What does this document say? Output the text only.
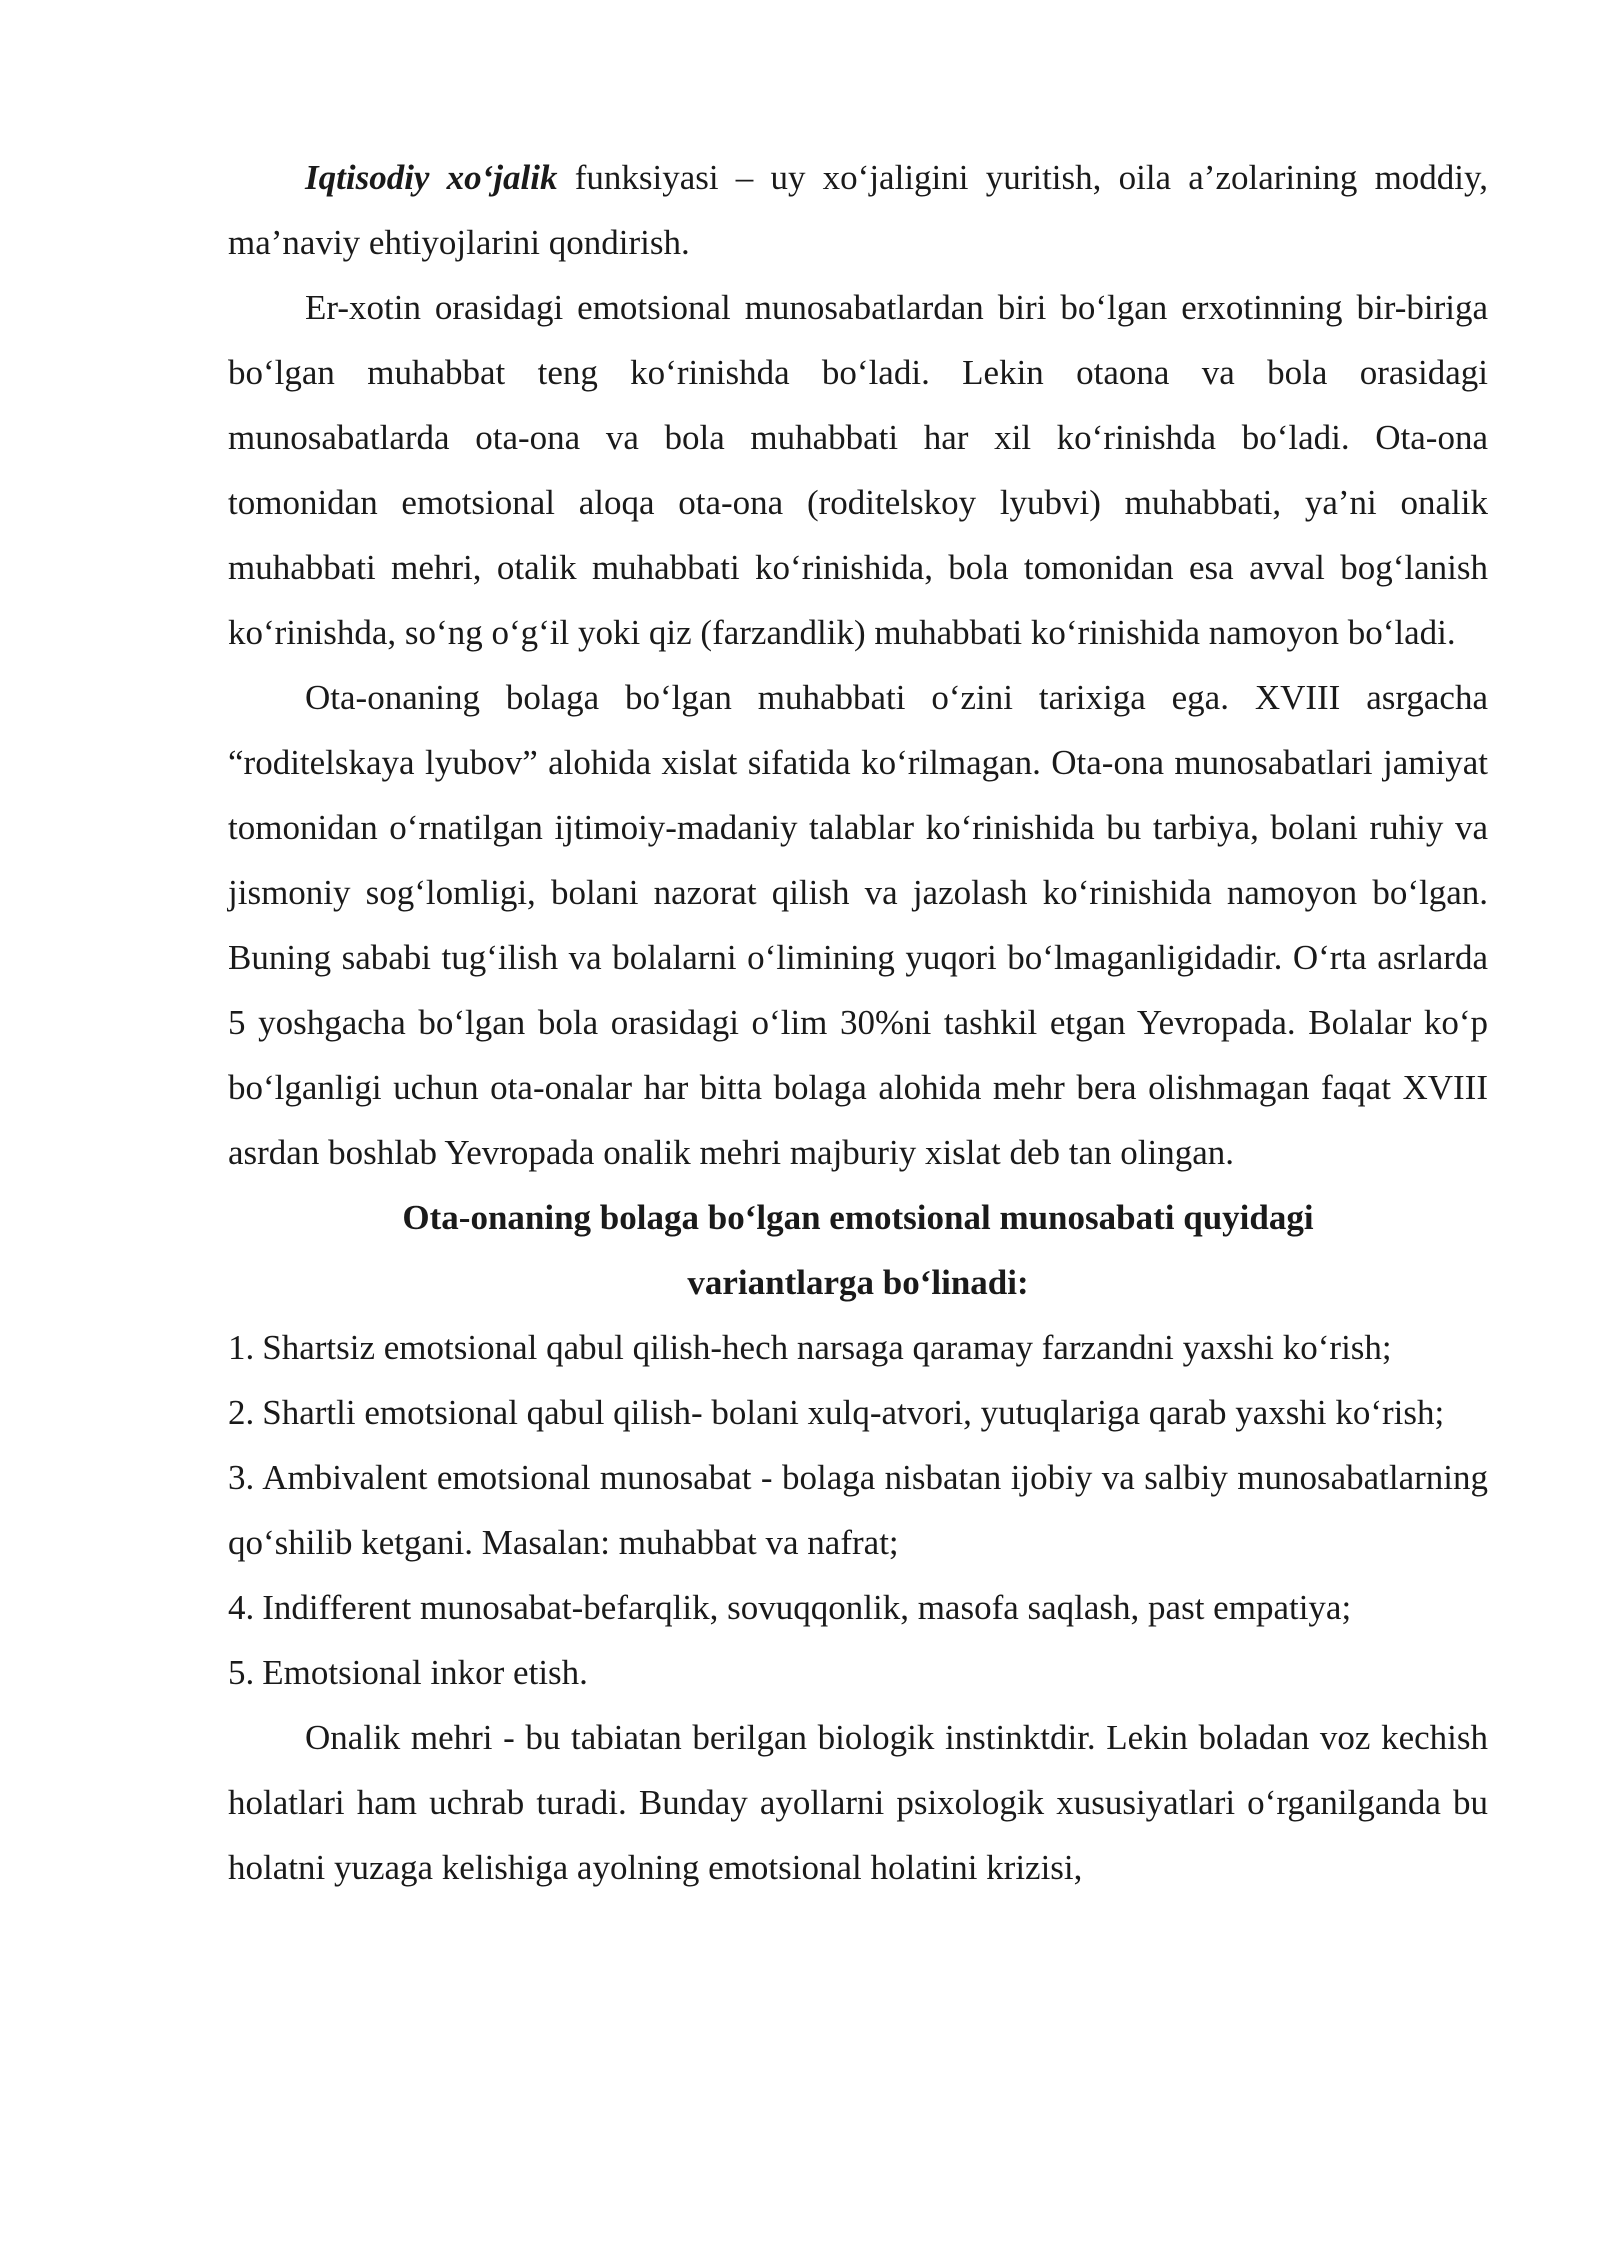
Iqtisodiy xo‘jalik funksiyasi – uy xo‘jaligini yuritish, oila a’zolarining moddiy, ma’naviy ehtiyojlarini qondirish.

Er-xotin orasidagi emotsional munosabatlardan biri bo‘lgan erxotinning bir-biriga bo‘lgan muhabbat teng ko‘rinishda bo‘ladi. Lekin otaona va bola orasidagi munosabatlarda ota-ona va bola muhabbati har xil ko‘rinishda bo‘ladi. Ota-ona tomonidan emotsional aloqa ota-ona (roditelskoy lyubvi) muhabbati, ya’ni onalik muhabbati mehri, otalik muhabbati ko‘rinishida, bola tomonidan esa avval bog‘lanish ko‘rinishda, so‘ng o‘g‘il yoki qiz (farzandlik) muhabbati ko‘rinishida namoyon bo‘ladi.

Ota-onaning bolaga bo‘lgan muhabbati o‘zini tarixiga ega. XVIII asrgacha “roditelskaya lyubov” alohida xislat sifatida ko‘rilmagan. Ota-ona munosabatlari jamiyat tomonidan o‘rnatilgan ijtimoiy-madaniy talablar ko‘rinishida bu tarbiya, bolani ruhiy va jismoniy sog‘lomligi, bolani nazorat qilish va jazolash ko‘rinishida namoyon bo‘lgan. Buning sababi tug‘ilish va bolalarni o‘limining yuqori bo‘lmaganligidadir. O‘rta asrlarda 5 yoshgacha bo‘lgan bola orasidagi o‘lim 30%ni tashkil etgan Yevropada. Bolalar ko‘p bo‘lganligi uchun ota-onalar har bitta bolaga alohida mehr bera olishmagan faqat XVIII asrdan boshlab Yevropada onalik mehri majburiy xislat deb tan olingan.

Ota-onaning bolaga bo‘lgan emotsional munosabati quyidagi
variantlarga bo‘linadi:

1. Shartsiz emotsional qabul qilish-hech narsaga qaramay farzandni yaxshi ko‘rish;

2. Shartli emotsional qabul qilish- bolani xulq-atvori, yutuqlariga qarab yaxshi ko‘rish;

3. Ambivalent emotsional munosabat - bolaga nisbatan ijobiy va salbiy munosabatlarning qo‘shilib ketgani. Masalan: muhabbat va nafrat;

4. Indifferent munosabat-befarqlik, sovuqqonlik, masofa saqlash, past empatiya;

5. Emotsional inkor etish.

Onalik mehri - bu tabiatan berilgan biologik instinktdir. Lekin boladan voz kechish holatlari ham uchrab turadi. Bunday ayollarni psixologik xususiyatlari o‘rganilganda bu holatni yuzaga kelishiga ayolning emotsional holatini krizisi,
